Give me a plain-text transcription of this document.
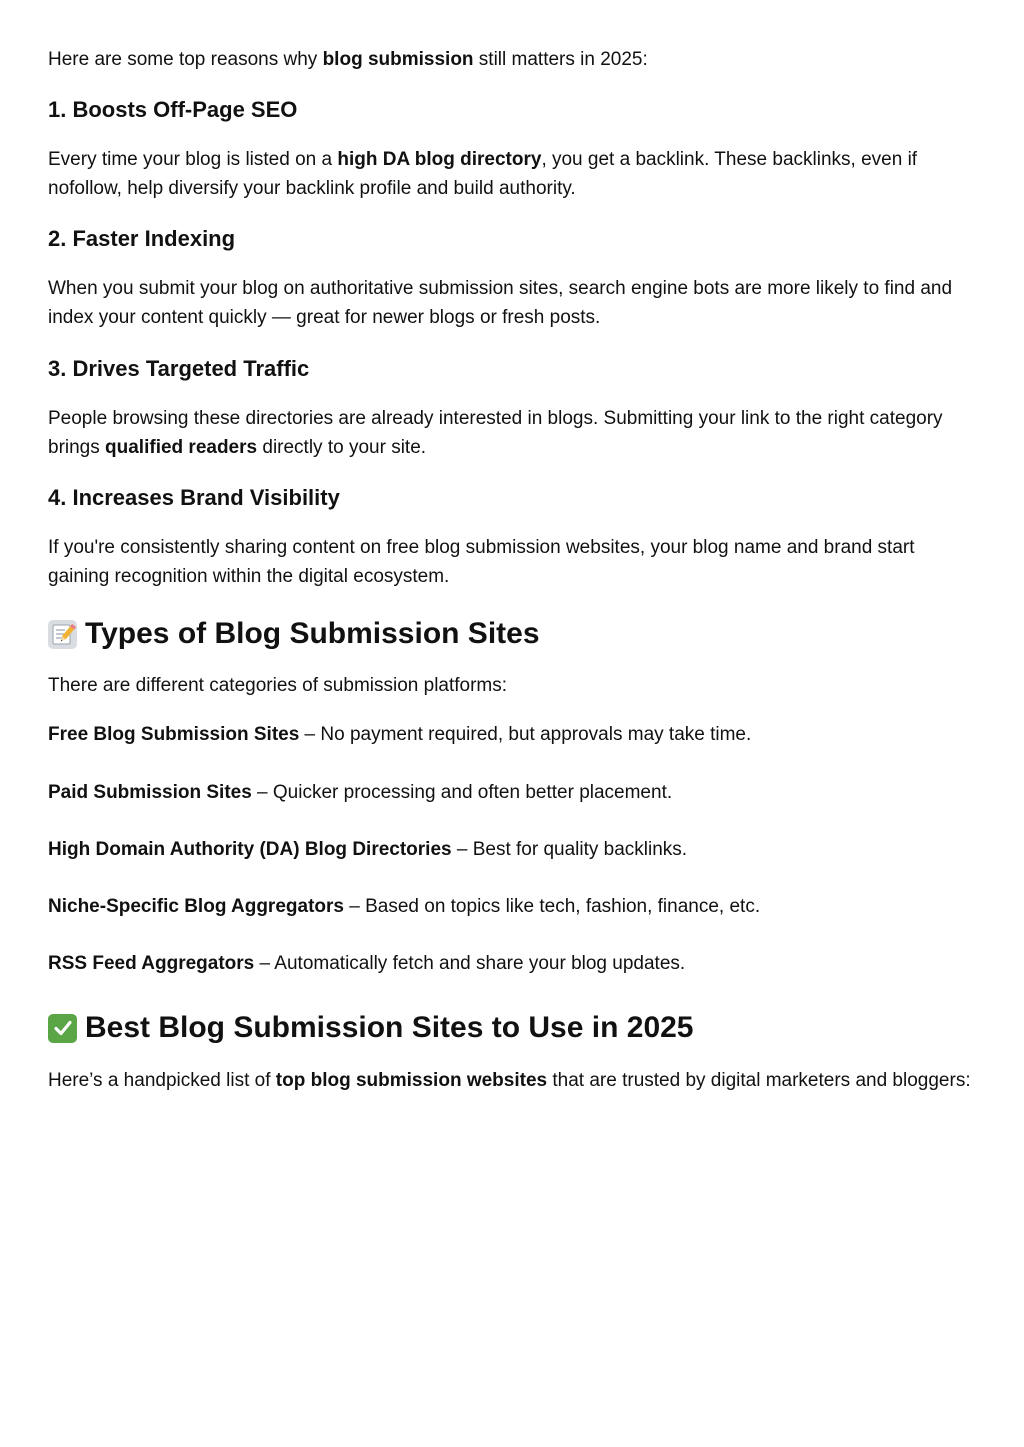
Here are some top reasons why blog submission still matters in 2025:
1. Boosts Off-Page SEO
Every time your blog is listed on a high DA blog directory, you get a backlink. These backlinks, even if nofollow, help diversify your backlink profile and build authority.
2. Faster Indexing
When you submit your blog on authoritative submission sites, search engine bots are more likely to find and index your content quickly — great for newer blogs or fresh posts.
3. Drives Targeted Traffic
People browsing these directories are already interested in blogs. Submitting your link to the right category brings qualified readers directly to your site.
4. Increases Brand Visibility
If you're consistently sharing content on free blog submission websites, your blog name and brand start gaining recognition within the digital ecosystem.
Types of Blog Submission Sites
There are different categories of submission platforms:
Free Blog Submission Sites – No payment required, but approvals may take time.
Paid Submission Sites – Quicker processing and often better placement.
High Domain Authority (DA) Blog Directories – Best for quality backlinks.
Niche-Specific Blog Aggregators – Based on topics like tech, fashion, finance, etc.
RSS Feed Aggregators – Automatically fetch and share your blog updates.
Best Blog Submission Sites to Use in 2025
Here’s a handpicked list of top blog submission websites that are trusted by digital marketers and bloggers:
